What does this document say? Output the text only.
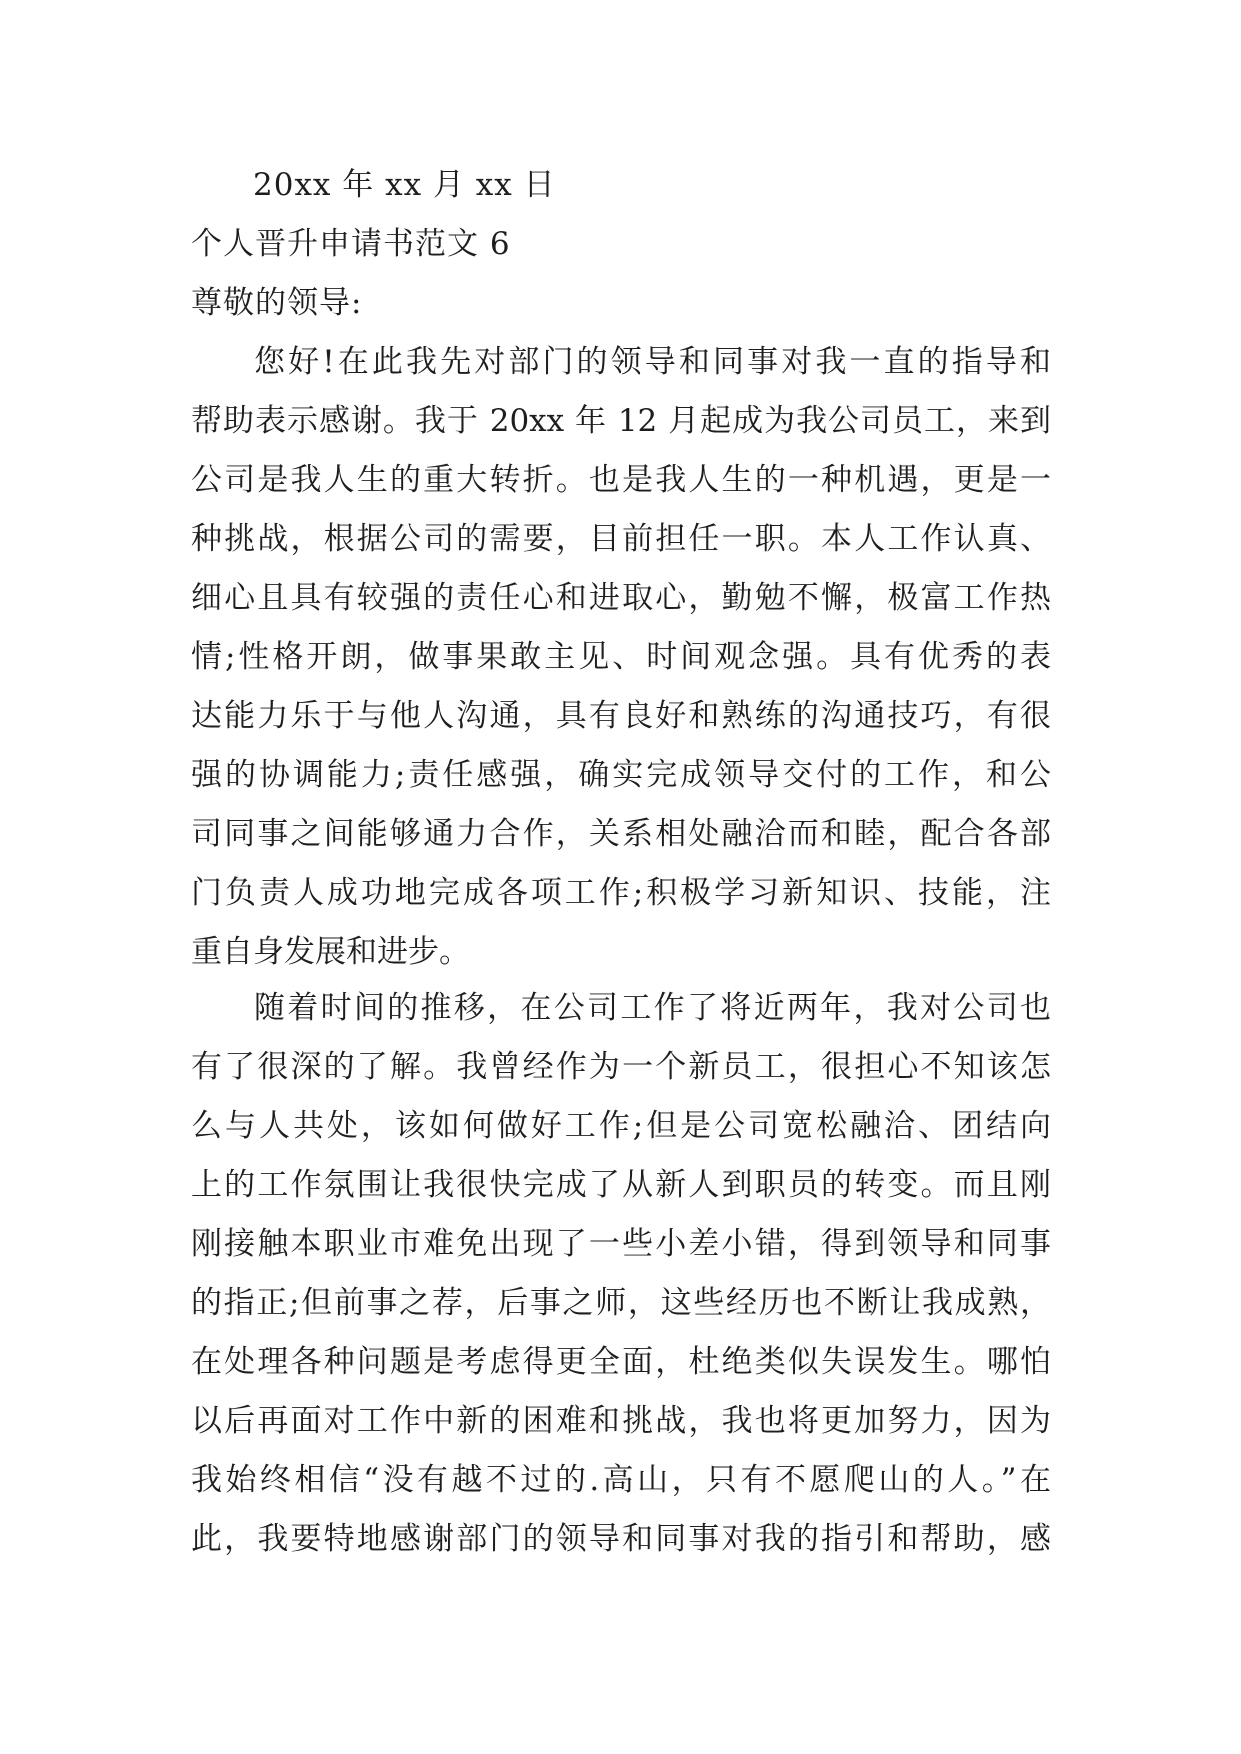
20xx 年 xx 月 xx 日
个人晋升申请书范文 6
尊敬的领导:
您好!在此我先对部门的领导和同事对我一直的指导和
帮助表示感谢。我于 20xx 年 12 月起成为我公司员工，来到
公司是我人生的重大转折。也是我人生的一种机遇，更是一
种挑战，根据公司的需要，目前担任一职。本人工作认真、
细心且具有较强的责任心和进取心，勤勉不懈，极富工作热
情;性格开朗，做事果敢主见、时间观念强。具有优秀的表
达能力乐于与他人沟通，具有良好和熟练的沟通技巧，有很
强的协调能力;责任感强，确实完成领导交付的工作，和公
司同事之间能够通力合作，关系相处融洽而和睦，配合各部
门负责人成功地完成各项工作;积极学习新知识、技能，注
重自身发展和进步。
随着时间的推移，在公司工作了将近两年，我对公司也
有了很深的了解。我曾经作为一个新员工，很担心不知该怎
么与人共处，该如何做好工作;但是公司宽松融洽、团结向
上的工作氛围让我很快完成了从新人到职员的转变。而且刚
刚接触本职业市难免出现了一些小差小错，得到领导和同事
的指正;但前事之荐，后事之师，这些经历也不断让我成熟，
在处理各种问题是考虑得更全面，杜绝类似失误发生。哪怕
以后再面对工作中新的困难和挑战，我也将更加努力，因为
我始终相信“没有越不过的.高山，只有不愿爬山的人。”在
此，我要特地感谢部门的领导和同事对我的指引和帮助，感
